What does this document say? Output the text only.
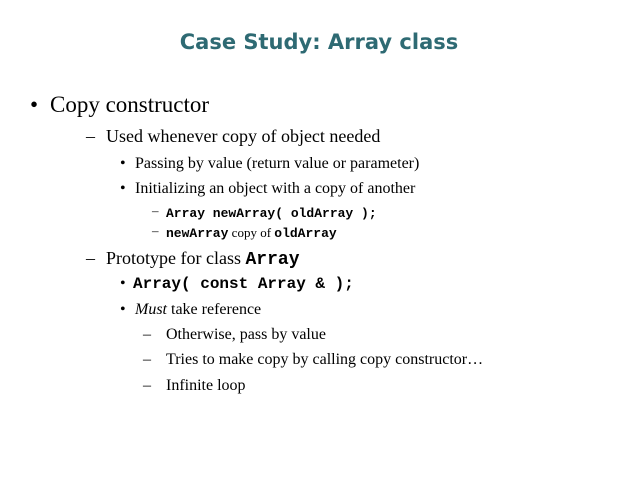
Case Study: Array class
• Copy constructor
– Used whenever copy of object needed
• Passing by value (return value or parameter)
• Initializing an object with a copy of another
– Array newArray( oldArray );
– newArray copy of oldArray
– Prototype for class Array
• Array( const Array & );
• Must take reference
– Otherwise, pass by value
– Tries to make copy by calling copy constructor…
– Infinite loop
